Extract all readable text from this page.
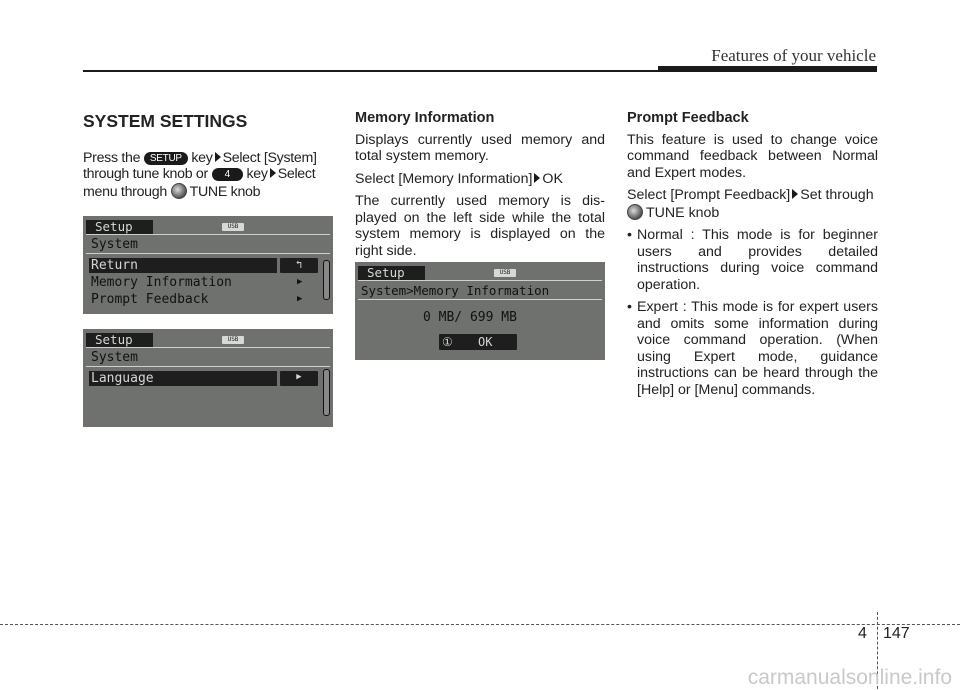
Features of your vehicle
SYSTEM SETTINGS

Press the SETUP key Select [System] through tune knob or 4 key Select menu through TUNE knob

Setup	USB
System
Return	↰
Memory Information	▶
Prompt Feedback	▶
Setup	USB
System
Language	▶
Memory Information

Displays currently used memory and total system memory.

Select [Memory Information] OK

The currently used memory is dis-played on the left side while the total system memory is displayed on the right side.

Setup	USB
System>Memory Information
0 MB/ 699 MB
① OK
Prompt Feedback

This feature is used to change voice command feedback between Normal and Expert modes.

Select [Prompt Feedback] Set through TUNE knob

• Normal : This mode is for beginner users and provides detailed instructions during voice command operation.
• Expert : This mode is for expert users and omits some information during voice command operation. (When using Expert mode, guidance instructions can be heard through the [Help] or [Menu] commands.
4 147
carmanualsonline.info
